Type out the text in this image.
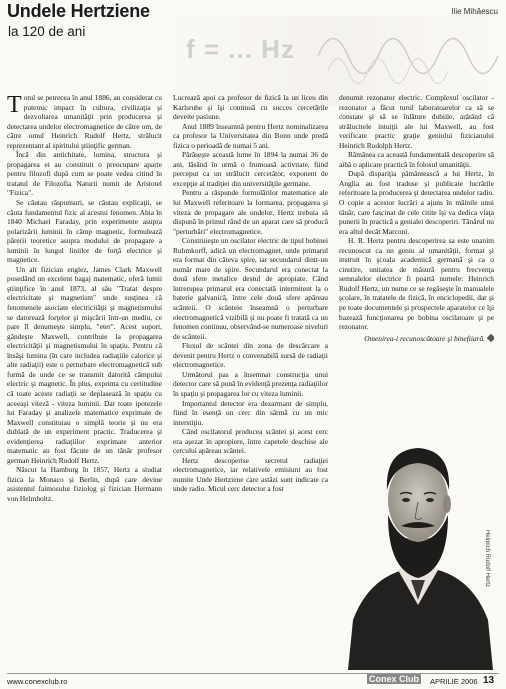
Undele Hertziene
la 120 de ani
Ilie Mihăescu
f = ... Hz

Totul se petrecea în anul 1886, an considerat cu putemic impact în cultura, civilizaţia şi dezvoltarea umanităţii prin producerea şi detectarea undelor electromagnetice de către om, de către omul Heinrich Rudolf Hertz, strălucit reprezentant al spiritului ştiinţific german.

Încă din antichitate, lumina, structura şi propagarea ei au constituit o preocupare aparte pentru filozofi după cum se poate vedea citind în tratatul de Filozofia Naturii numit de Aristotel "Fizica".

Se căutau răspunsuri, se căutau explicaţii, se căuta fundamentul fizic al acestui fenomen. Abia în 1840 Michael Faraday, prin experimente asupra polarizării luminii în câmp magnetic, formulează părerii teoretice asupra modului de propagare a luminii în lungul liniilor de forţă electrice şi magnetice.

Un alt fizician englez, James Clark Maxwell posedând un excelent bagaj matematic, oferă lumii ştiinţifice în anul 1873, al său "Tratat despre electricitate şi magnetism" unde susţinea că fenomenele asociate electricităţii şi magnetismului se datorează forţelor şi mişcării într-un mediu, ce pare îl denumeşte simplu, "eter". Acest suport, gândeşte Maxwell, contribuie la propagarea electricităţii şi magnetismului în spaţiu. Pentru că însăşi lumina (în care includea radiaţiile calorice şi alte radiaţii) este o perturbare electromagnetică sub formă de unde ce se transmit datorită câmpului electric şi magnetic. În plus, exprima cu certitudine că toate aceste radiaţii se deplasează în spaţiu cu aceeaşi viteză - viteza luminii. Dar toate ipotezele lui Faraday şi analizele matematice exprimate de Maxwell constituiau o simplă teorie şi nu era dublată de un experiment practic. Traducerea şi evidenţierea radiaţiilor exprimate anterior matematic au fost făcute de un tânăr profesor german Heinrich Rudolf Hertz.

Născut la Hamburg în 1857, Hertz a studiat fizica la Monaco şi Berlin, după care devine asistentul faimosului fiziolog şi fizician Hermann von Helmholtz.

Lucrează apoi ca profesor de fizică la un liceu din Karlsruhe şi îşi continuă cu succes cercetările deveite pasiune.

Anul 1889 înseamnă pentru Hertz nominalizarea ca profesor la Universitatea din Bonn unde predă fizica o perioadă de numai 5 ani.

Părăseşte această lume în 1894 la numai 36 de ani, lăsând în urmă o frumoasă activitate, fiind perceput ca un strălucit cercetător, exponent de excepţie al tradiţiei din universităţile germane.

Pentru a răspunde formulărilor matematice ale lui Maxwell referitoare la formarea, propagarea şi viteza de propagare ale undelor, Hertz trebuia să dispună în primul rând de un aparat care să producă "perturbări" electromagnetice.

Construieşte un oscilator electric de tipul bobinei Ruhmkorff, adică un electromagnet, unde primarul era format din câteva spire, iar secundarul dintr-un număr mare de spire. Secundarul era conectat la două sfere metalice destul de apropiate. Când întrerupea primarul era conectată intermitent la o baterie galvanică, între cele două sfere apăreau scânteii. O scânteie înseamnă o perturbare electromagnetică vizibilă şi nu poate fi tratată ca un fenomen continuu, observând-se numeroase niveluri de scânteii.

Fluxul de scântei din zona de descărcare a devenit pentru Hertz o convenabilă sursă de radiaţii electromagnetice.

Următorul pas a însemnat construcţia unui detector care să pună în evidenţă prezenţa radiaţiilor în spaţiu şi propagarea lor cu viteza luminii.

Importantul detector era dezarmant de simplu, fiind în esenţă un cerc din sârmă cu un mic interstiţiu.

Când oscilatorul producea scântei şi acest cerc era aşezat în apropiere, între capetele deschise ale cercului apăreau scântei.

Hertz descoperise secretul radiaţiei electromagnetice, iar relativele emisiuni au fost numite Unde Hertziene care astăzi sunt indicate ca unde radio. Micul cerc detector a fost

denumit rezonator electric. Complexul oscilator - rezonator a făcut turul laboratoarelor ca să se constate şi să se înlăture dubiile, arătând că strălucitele intuiţii ale lui Maxwell, au fost verificate practic graţie geniului fizicianului Heinrich Rudolph Hertz.

Rămânea ca această fundamentală descoperire să aibă o aplicare practică în folosul umanităţii.

După dispariţia pământească a lui Hertz, în Anglia au fost traduse şi publicate lucrările referitoare la producerea şi detectarea undelor radio. O copie a acestor lucrări a ajuns în mâinile unui tânăr, care fascinat de cele citite îşi va dedica viaţa punerii în practică a genialei descoperiri. Tânărul nu era altul decât Marconi.

H. R. Hertz pentru descoperirea sa este unanim recunoscut ca un geniu al umanităţii, format şi instruit în şcoala academică germană şi ca o cinstire, unitatea de măsură pentru frecvenţa semnalelor electrice fi poartă numele: Heinrich Rudolf Hertz, un nume ce se regăseşte în manualele şcolare, în tratatele de fizică, în enciclopedii, dar şi pe toate documentele şi prospectele aparatelor ce îşi bazează funcţionarea pe bobina oscilatoare şi pe rezonator.

Omenirea-i recunoscătoare şi binefiiară.

Heinrich Rudolf Hertz
www.conexclub.ro	Conex Club APRILIE 2006 13
